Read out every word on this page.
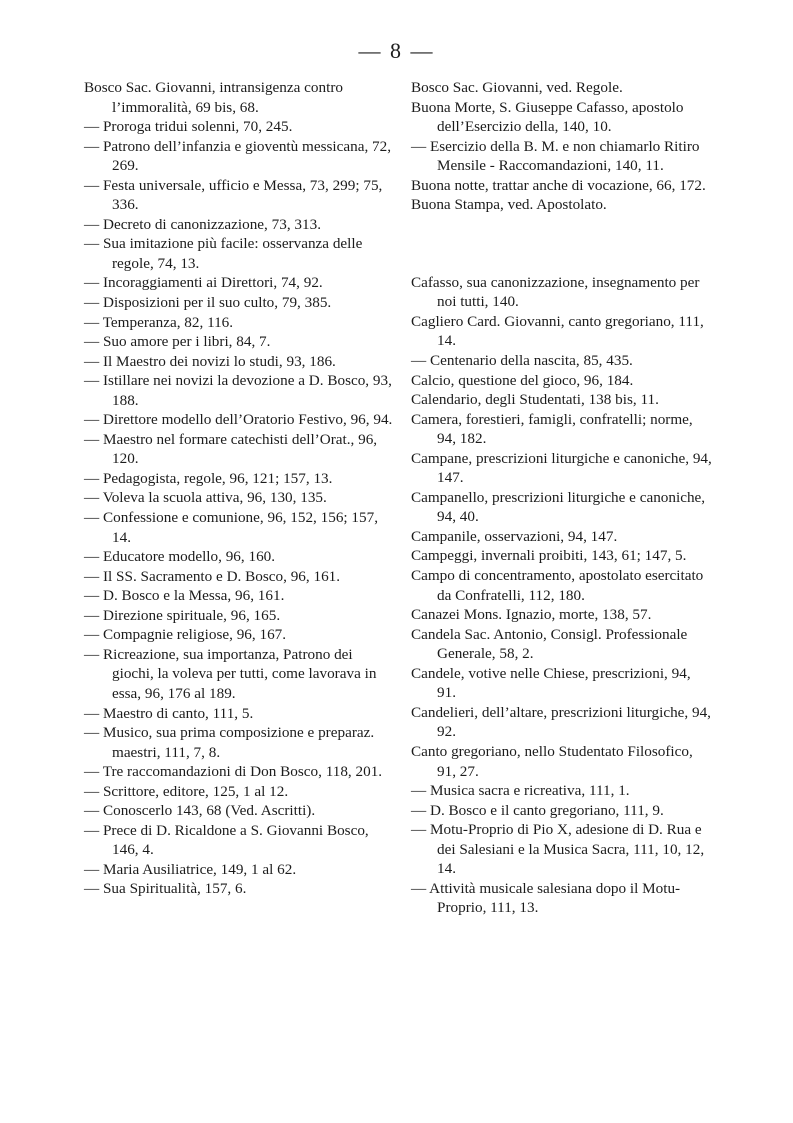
— 8 —
Bosco Sac. Giovanni, intransigenza contro l’immoralità, 69 bis, 68.
— Proroga tridui solenni, 70, 245.
— Patrono dell’infanzia e gioventù messicana, 72, 269.
— Festa universale, ufficio e Messa, 73, 299; 75, 336.
— Decreto di canonizzazione, 73, 313.
— Sua imitazione più facile: osservanza delle regole, 74, 13.
— Incoraggiamenti ai Direttori, 74, 92.
— Disposizioni per il suo culto, 79, 385.
— Temperanza, 82, 116.
— Suo amore per i libri, 84, 7.
— Il Maestro dei novizi lo studi, 93, 186.
— Istillare nei novizi la devozione a D. Bosco, 93, 188.
— Direttore modello dell’Oratorio Festivo, 96, 94.
— Maestro nel formare catechisti dell’Orat., 96, 120.
— Pedagogista, regole, 96, 121; 157, 13.
— Voleva la scuola attiva, 96, 130, 135.
— Confessione e comunione, 96, 152, 156; 157, 14.
— Educatore modello, 96, 160.
— Il SS. Sacramento e D. Bosco, 96, 161.
— D. Bosco e la Messa, 96, 161.
— Direzione spirituale, 96, 165.
— Compagnie religiose, 96, 167.
— Ricreazione, sua importanza, Patrono dei giochi, la voleva per tutti, come lavorava in essa, 96, 176 al 189.
— Maestro di canto, 111, 5.
— Musico, sua prima composizione e preparaz. maestri, 111, 7, 8.
— Tre raccomandazioni di Don Bosco, 118, 201.
— Scrittore, editore, 125, 1 al 12.
— Conoscerlo 143, 68 (Ved. Ascritti).
— Prece di D. Ricaldone a S. Giovanni Bosco, 146, 4.
— Maria Ausiliatrice, 149, 1 al 62.
— Sua Spiritualità, 157, 6.
Bosco Sac. Giovanni, ved. Regole.
Buona Morte, S. Giuseppe Cafasso, apostolo dell’Esercizio della, 140, 10.
— Esercizio della B. M. e non chiamarlo Ritiro Mensile - Raccomandazioni, 140, 11.
Buona notte, trattar anche di vocazione, 66, 172.
Buona Stampa, ved. Apostolato.
Cafasso, sua canonizzazione, insegnamento per noi tutti, 140.
Cagliero Card. Giovanni, canto gregoriano, 111, 14.
— Centenario della nascita, 85, 435.
Calcio, questione del gioco, 96, 184.
Calendario, degli Studentati, 138 bis, 11.
Camera, forestieri, famigli, confratelli; norme, 94, 182.
Campane, prescrizioni liturgiche e canoniche, 94, 147.
Campanello, prescrizioni liturgiche e canoniche, 94, 40.
Campanile, osservazioni, 94, 147.
Campeggi, invernali proibiti, 143, 61; 147, 5.
Campo di concentramento, apostolato esercitato da Confratelli, 112, 180.
Canazei Mons. Ignazio, morte, 138, 57.
Candela Sac. Antonio, Consigl. Professionale Generale, 58, 2.
Candele, votive nelle Chiese, prescrizioni, 94, 91.
Candelieri, dell’altare, prescrizioni liturgiche, 94, 92.
Canto gregoriano, nello Studentato Filosofico, 91, 27.
— Musica sacra e ricreativa, 111, 1.
— D. Bosco e il canto gregoriano, 111, 9.
— Motu-Proprio di Pio X, adesione di D. Rua e dei Salesiani e la Musica Sacra, 111, 10, 12, 14.
— Attività musicale salesiana dopo il Motu-Proprio, 111, 13.
